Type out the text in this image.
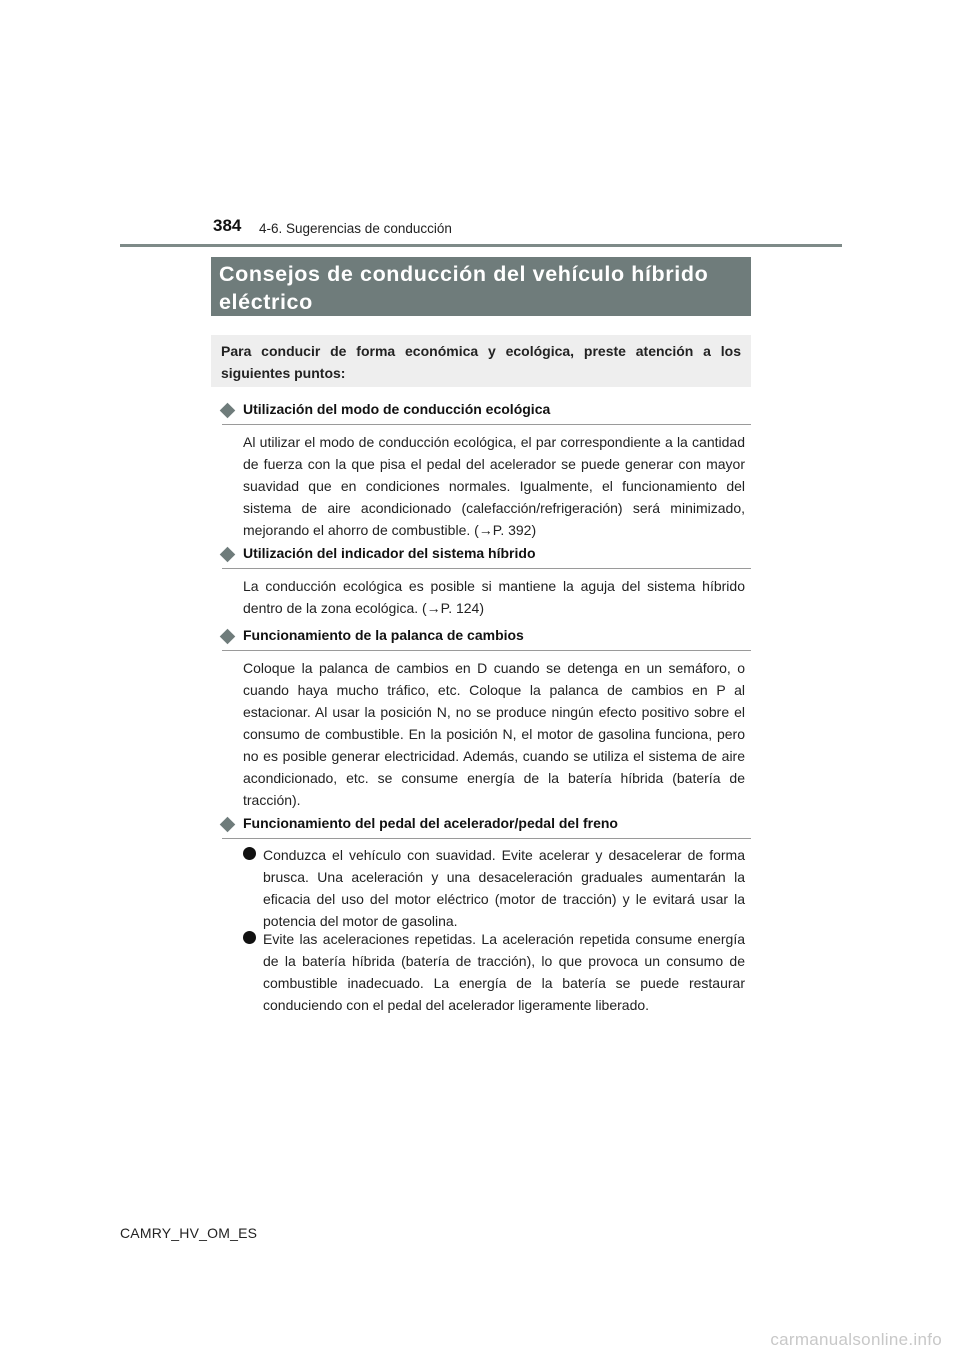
384 4-6. Sugerencias de conducción

Consejos de conducción del vehículo híbrido eléctrico

Para conducir de forma económica y ecológica, preste atención a los siguientes puntos:

Utilización del modo de conducción ecológica

Al utilizar el modo de conducción ecológica, el par correspondiente a la cantidad de fuerza con la que pisa el pedal del acelerador se puede generar con mayor suavidad que en condiciones normales. Igualmente, el funcionamiento del sistema de aire acondicionado (calefacción/refrigeración) será minimizado, mejorando el ahorro de combustible. (→P. 392)

Utilización del indicador del sistema híbrido

La conducción ecológica es posible si mantiene la aguja del sistema híbrido dentro de la zona ecológica. (→P. 124)

Funcionamiento de la palanca de cambios

Coloque la palanca de cambios en D cuando se detenga en un semáforo, o cuando haya mucho tráfico, etc. Coloque la palanca de cambios en P al estacionar. Al usar la posición N, no se produce ningún efecto positivo sobre el consumo de combustible. En la posición N, el motor de gasolina funciona, pero no es posible generar electricidad. Además, cuando se utiliza el sistema de aire acondicionado, etc. se consume energía de la batería híbrida (batería de tracción).

Funcionamiento del pedal del acelerador/pedal del freno

Conduzca el vehículo con suavidad. Evite acelerar y desacelerar de forma brusca. Una aceleración y una desaceleración graduales aumentarán la eficacia del uso del motor eléctrico (motor de tracción) y le evitará usar la potencia del motor de gasolina.

Evite las aceleraciones repetidas. La aceleración repetida consume energía de la batería híbrida (batería de tracción), lo que provoca un consumo de combustible inadecuado. La energía de la batería se puede restaurar conduciendo con el pedal del acelerador ligeramente liberado.

CAMRY_HV_OM_ES
carmanualsonline.info
